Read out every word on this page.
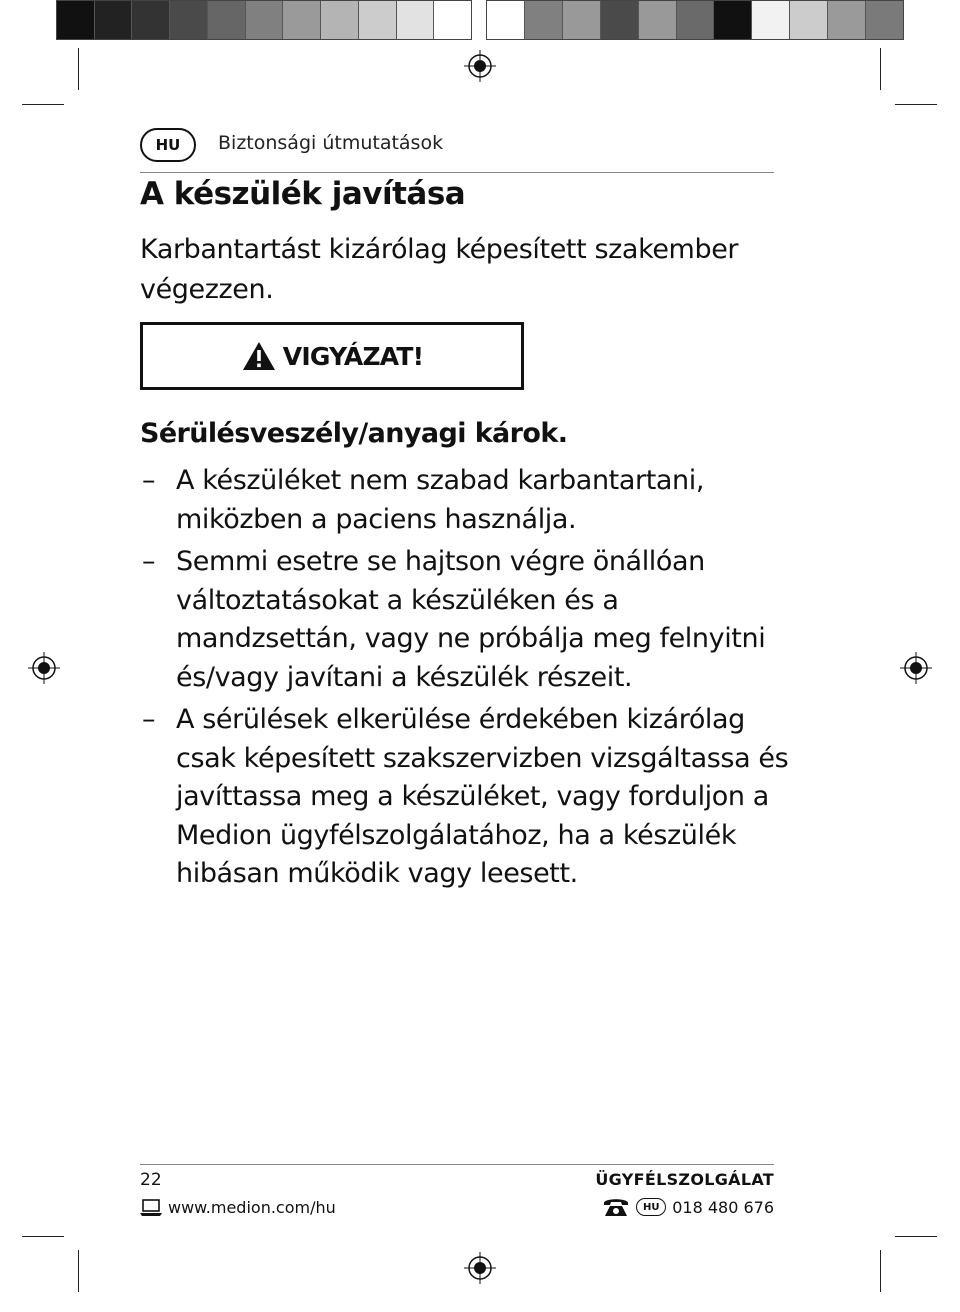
HU	Biztonsági útmutatások
A készülék javítása

Karbantartást kizárólag képesített szakember végezzen.

VIGYÁZAT!
Sérülésveszély/anyagi károk.
– A készüléket nem szabad karbantartani, miközben a paciens használja.

– Semmi esetre se hajtson végre önállóan változtatásokat a készüléken és a mandzsettán, vagy ne próbálja meg felnyitni és/vagy javítani a készülék részeit.

– A sérülések elkerülése érdekében kizárólag csak képesített szakszervizben vizsgáltassa és javíttassa meg a készüléket, vagy forduljon a Medion ügyfélszolgálatához, ha a készülék hibásan működik vagy leesett.

22	ÜGYFÉLSZOLGÁLAT
www.medion.com/hu	HU 018 480 676
